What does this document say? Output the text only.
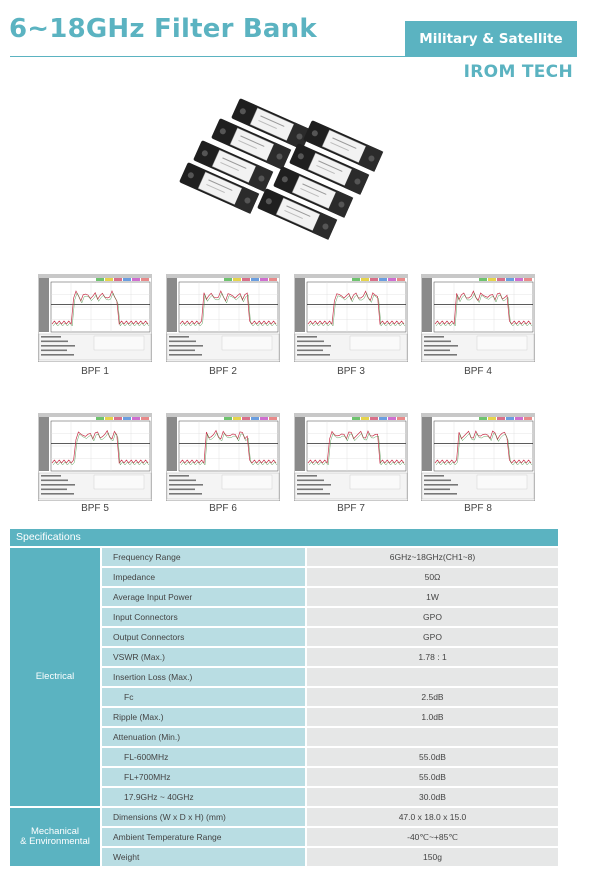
6~18GHz Filter Bank	Military & Satellite
IROM TECH
BPF 1	BPF 2	BPF 3	BPF 4
BPF 5	BPF 6	BPF 7	BPF 8
Specifications
Electrical
Mechanical
& Environmental
Frequency Range	6GHz~18GHz(CH1~8)
Impedance	50Ω
Average Input Power	1W
Input Connectors	GPO
Output Connectors	GPO
VSWR (Max.)	1.78 : 1
Insertion Loss (Max.)
Fc	2.5dB
Ripple (Max.)	1.0dB
Attenuation (Min.)
FL-600MHz	55.0dB
FL+700MHz	55.0dB
17.9GHz ~ 40GHz	30.0dB
Dimensions (W x D x H) (mm)	47.0 x 18.0 x 15.0
Ambient Temperature Range	-40℃~+85℃
Weight	150g
